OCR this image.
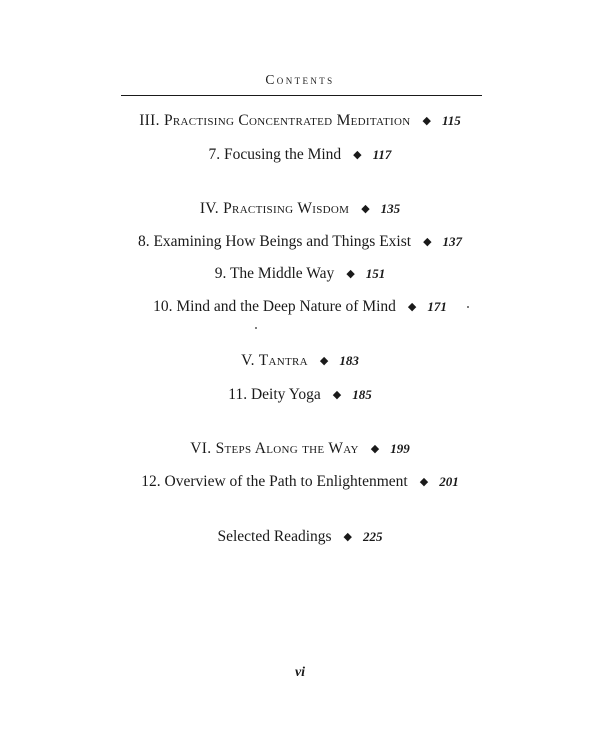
Contents
III. Practising Concentrated Meditation ◆ 115
7. Focusing the Mind ◆ 117
IV. Practising Wisdom ◆ 135
8. Examining How Beings and Things Exist ◆ 137
9. The Middle Way ◆ 151
10. Mind and the Deep Nature of Mind ◆ 171
V. Tantra ◆ 183
11. Deity Yoga ◆ 185
VI. Steps Along the Way ◆ 199
12. Overview of the Path to Enlightenment ◆ 201
Selected Readings ◆ 225
vi
